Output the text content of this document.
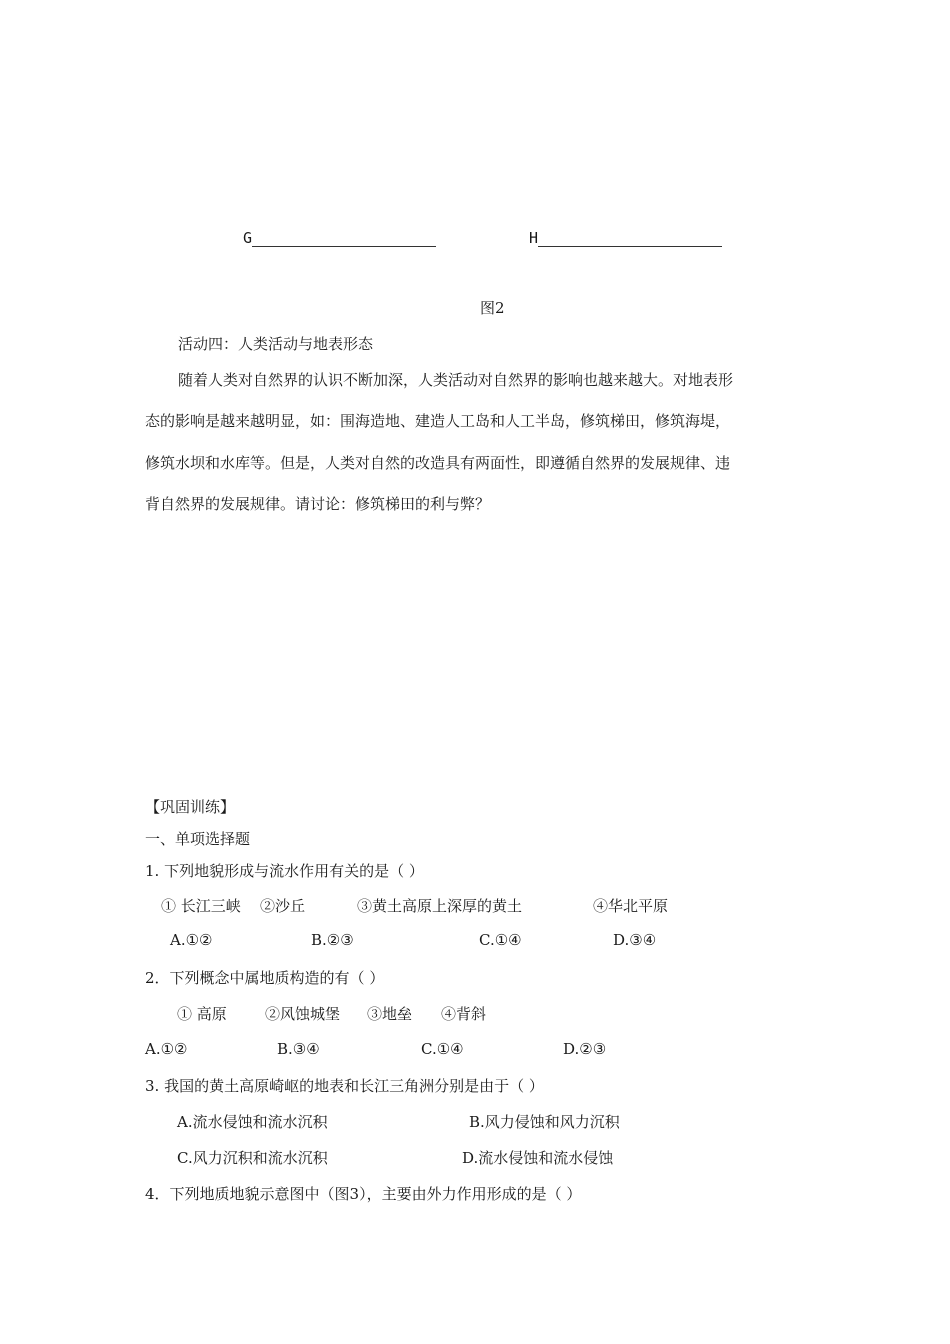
G	H
图2
活动四：人类活动与地表形态
随着人类对自然界的认识不断加深，人类活动对自然界的影响也越来越大。对地表形
态的影响是越来越明显，如：围海造地、建造人工岛和人工半岛，修筑梯田，修筑海堤，
修筑水坝和水库等。但是，人类对自然的改造具有两面性，即遵循自然界的发展规律、违
背自然界的发展规律。请讨论：修筑梯田的利与弊？
【巩固训练】
一、单项选择题
1. 下列地貌形成与流水作用有关的是（ ）
① 长江三峡 ②沙丘	③黄土高原上深厚的黄土	④华北平原
A.①②	B.②③	C.①④	D.③④
2．下列概念中属地质构造的有（ ）
① 高原	②风蚀城堡 ③地垒 ④背斜
A.①②	B.③④	C.①④	D.②③
3. 我国的黄土高原崎岖的地表和长江三角洲分别是由于（ ）
A.流水侵蚀和流水沉积	B.风力侵蚀和风力沉积
C.风力沉积和流水沉积	D.流水侵蚀和流水侵蚀
4．下列地质地貌示意图中（图3），主要由外力作用形成的是（ ）
